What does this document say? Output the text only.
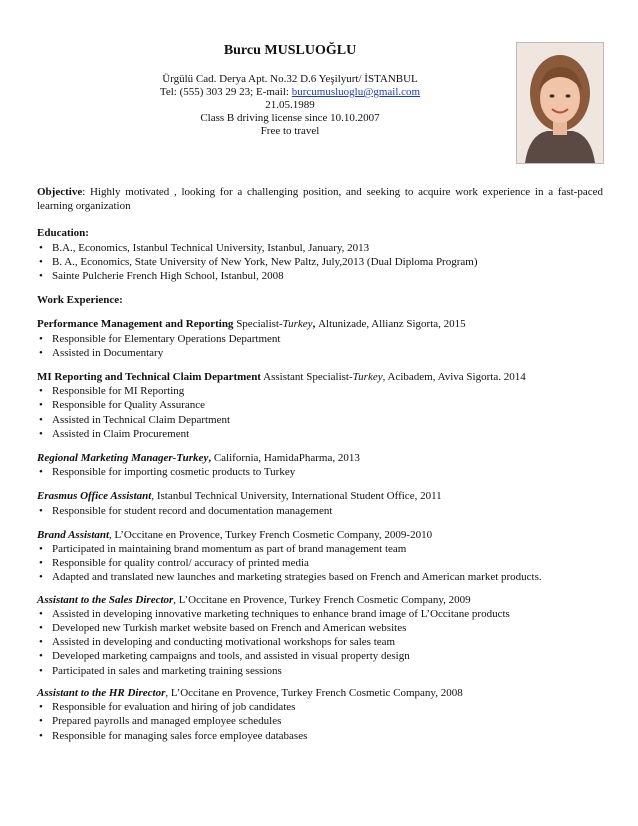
Burcu MUSLUOĞLU
Ürgülü Cad. Derya Apt. No.32 D.6 Yeşilyurt/ İSTANBUL
Tel: (555) 303 29 23; E-mail: burcumusluoglu@gmail.com
21.05.1989
Class B driving license since 10.10.2007
Free to travel
Objective: Highly motivated , looking for a challenging position, and seeking to acquire work experience in a fast-paced learning organization
Education:
• B.A., Economics, Istanbul Technical University, Istanbul, January, 2013
• B. A., Economics, State University of New York, New Paltz, July,2013 (Dual Diploma Program)
• Sainte Pulcherie French High School, Istanbul, 2008
Work Experience:
Performance Management and Reporting Specialist-Turkey, Altunizade, Allianz Sigorta, 2015
• Responsible for Elementary Operations Department
• Assisted in Documentary
MI Reporting and Technical Claim Department Assistant Specialist-Turkey, Acibadem, Aviva Sigorta. 2014
• Responsible for MI Reporting
• Responsible for Quality Assurance
• Assisted in Technical Claim Department
• Assisted in Claim Procurement
Regional Marketing Manager-Turkey, California, HamidaPharma, 2013
• Responsible for importing cosmetic products to Turkey
Erasmus Office Assistant, Istanbul Technical University, International Student Office, 2011
• Responsible for student record and documentation management
Brand Assistant, L’Occitane en Provence, Turkey French Cosmetic Company, 2009-2010
• Participated in maintaining brand momentum as part of brand management team
• Responsible for quality control/ accuracy of printed media
• Adapted and translated new launches and marketing strategies based on French and American market products.
Assistant to the Sales Director, L’Occitane en Provence, Turkey French Cosmetic Company, 2009
• Assisted in developing innovative marketing techniques to enhance brand image of L’Occitane products
• Developed new Turkish market website based on French and American websites
• Assisted in developing and conducting motivational workshops for sales team
• Developed marketing campaigns and tools, and assisted in visual property design
• Participated in sales and marketing training sessions
Assistant to the HR Director, L’Occitane en Provence, Turkey French Cosmetic Company, 2008
• Responsible for evaluation and hiring of job candidates
• Prepared payrolls and managed employee schedules
• Responsible for managing sales force employee databases
